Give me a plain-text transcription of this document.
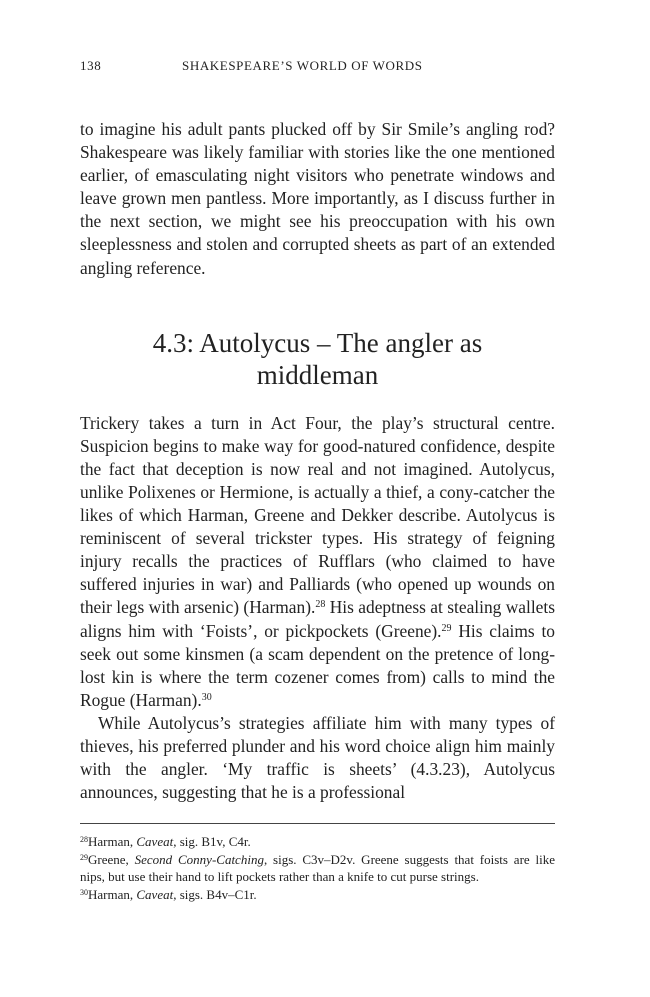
138	SHAKESPEARE’S WORLD OF WORDS

to imagine his adult pants plucked off by Sir Smile’s angling rod? Shakespeare was likely familiar with stories like the one mentioned earlier, of emasculating night visitors who penetrate windows and leave grown men pantless. More importantly, as I discuss further in the next section, we might see his preoccupation with his own sleeplessness and stolen and corrupted sheets as part of an extended angling reference.

4.3: Autolycus – The angler as middleman

Trickery takes a turn in Act Four, the play’s structural centre. Suspicion begins to make way for good-natured confidence, despite the fact that deception is now real and not imagined. Autolycus, unlike Polixenes or Hermione, is actually a thief, a cony-catcher the likes of which Harman, Greene and Dekker describe. Autolycus is reminiscent of several trickster types. His strategy of feigning injury recalls the practices of Rufflars (who claimed to have suffered injuries in war) and Palliards (who opened up wounds on their legs with arsenic) (Harman).$^{28}$ His adeptness at stealing wallets aligns him with ‘Foists’, or pickpockets (Greene).$^{29}$ His claims to seek out some kinsmen (a scam dependent on the pretence of long-lost kin is where the term cozener comes from) calls to mind the Rogue (Harman).$^{30}$

While Autolycus’s strategies affiliate him with many types of thieves, his preferred plunder and his word choice align him mainly with the angler. ‘My traffic is sheets’ (4.3.23), Autolycus announces, suggesting that he is a professional

$^{28}$Harman, Caveat, sig. B1v, C4r.

$^{29}$Greene, Second Conny-Catching, sigs. C3v–D2v. Greene suggests that foists are like nips, but use their hand to lift pockets rather than a knife to cut purse strings.

$^{30}$Harman, Caveat, sigs. B4v–C1r.
